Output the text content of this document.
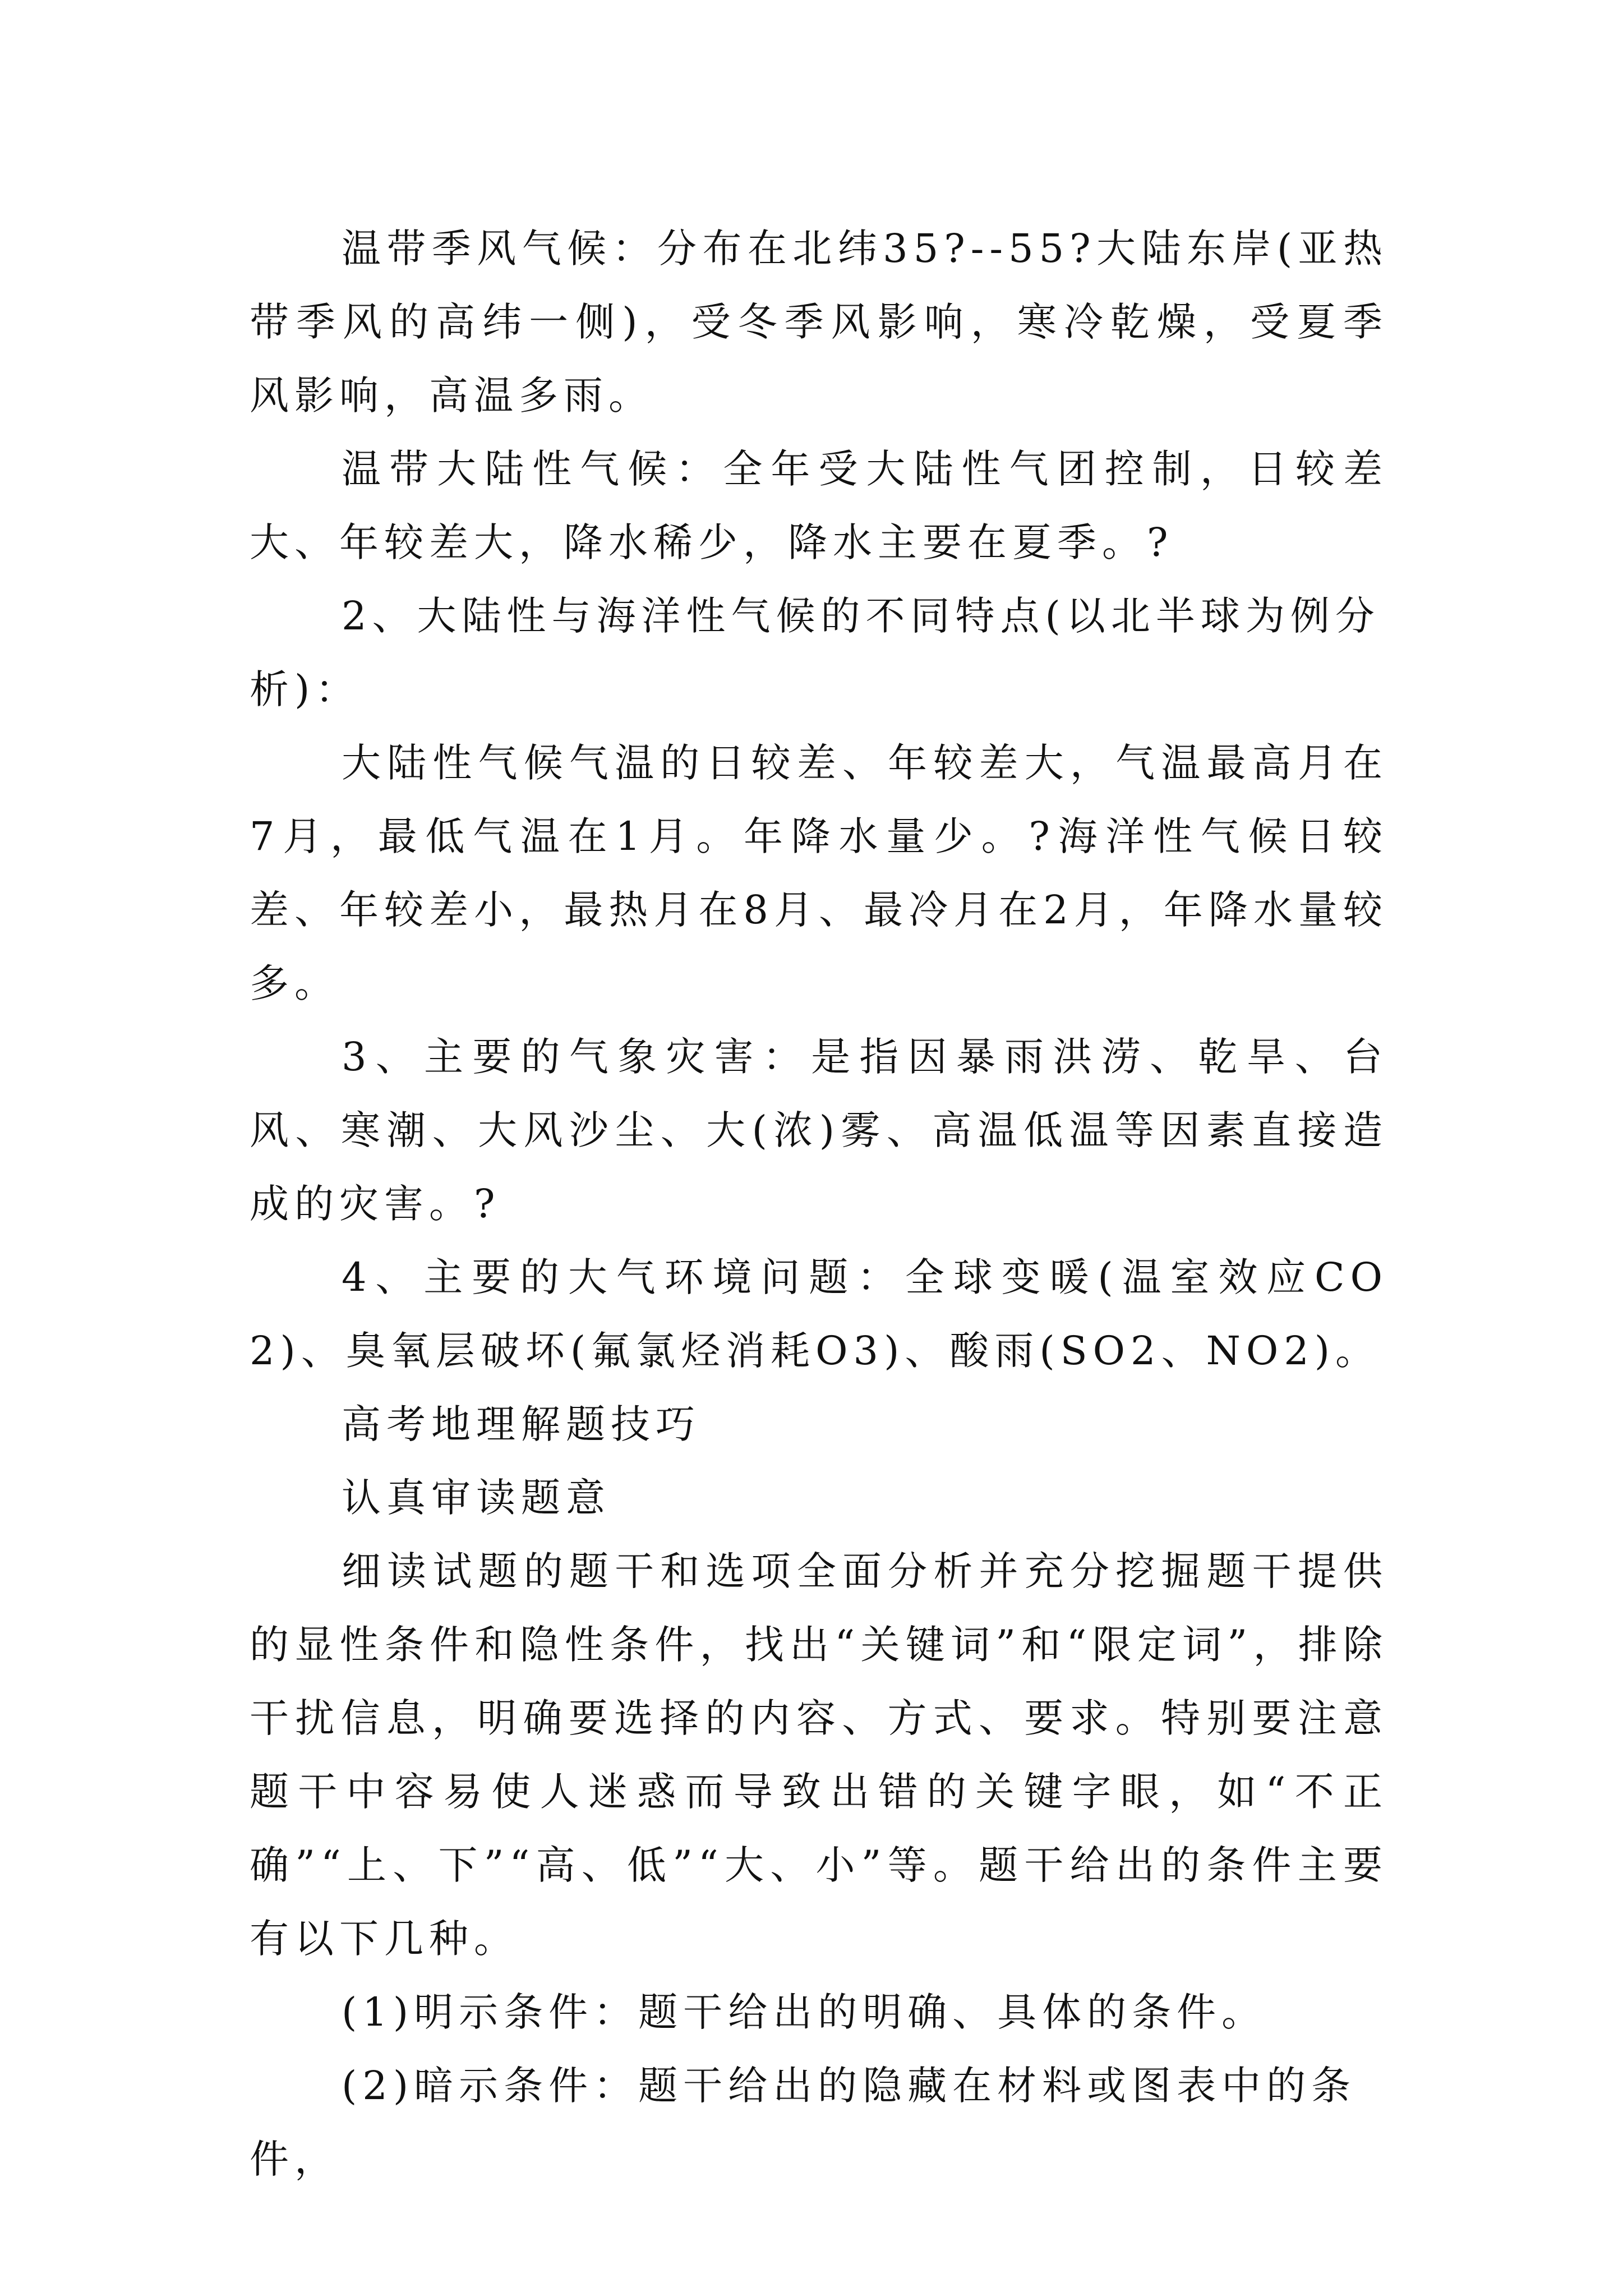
温带季风气候：分布在北纬35?--55?大陆东岸(亚热带季风的高纬一侧)，受冬季风影响，寒冷乾燥，受夏季风影响，高温多雨。

温带大陆性气候：全年受大陆性气团控制，日较差大、年较差大，降水稀少，降水主要在夏季。?

2、大陆性与海洋性气候的不同特点(以北半球为例分析)：

大陆性气候气温的日较差、年较差大，气温最高月在7月，最低气温在1月。年降水量少。?海洋性气候日较差、年较差小，最热月在8月、最冷月在2月，年降水量较多。

3、主要的气象灾害：是指因暴雨洪涝、乾旱、台风、寒潮、大风沙尘、大(浓)雾、高温低温等因素直接造成的灾害。?

4、主要的大气环境问题：全球变暖(温室效应CO2)、臭氧层破坏(氟氯烃消耗O3)、酸雨(SO2、NO2)。

高考地理解题技巧

认真审读题意

细读试题的题干和选项全面分析并充分挖掘题干提供的显性条件和隐性条件，找出“关键词”和“限定词”，排除干扰信息，明确要选择的内容、方式、要求。特别要注意题干中容易使人迷惑而导致出错的关键字眼，如“不正确”“上、下”“高、低”“大、小”等。题干给出的条件主要有以下几种。

(1)明示条件：题干给出的明确、具体的条件。

(2)暗示条件：题干给出的隐藏在材料或图表中的条件，
